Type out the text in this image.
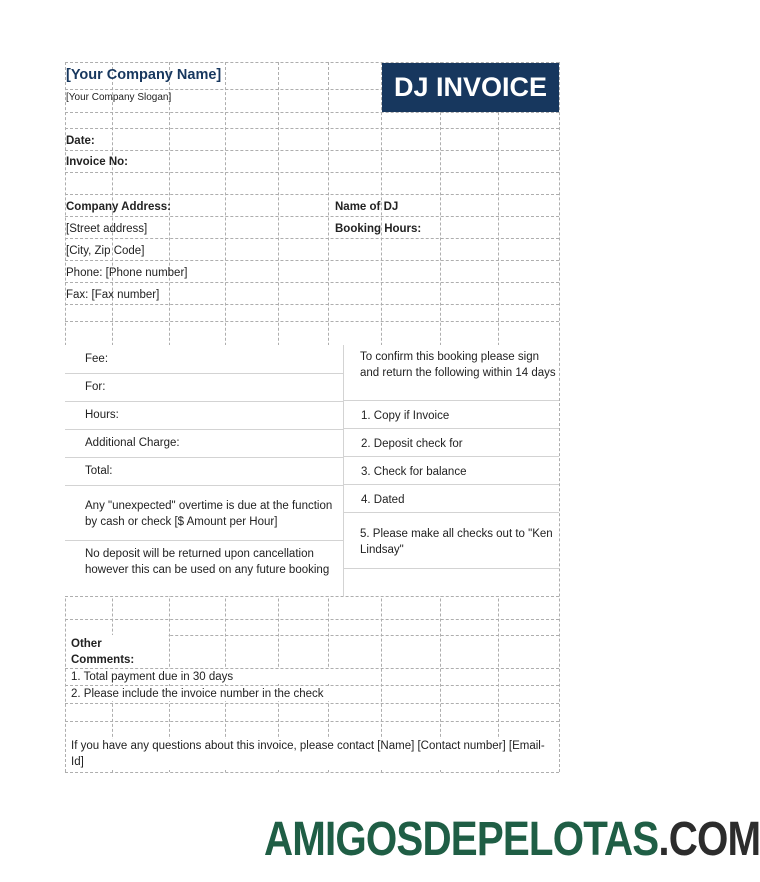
[Your Company Name]
[Your Company Slogan]	DJ INVOICE
Date:
Invoice No:
Company Address:
[Street address]
[City, Zip Code]
Phone: [Phone number]
Fax: [Fax number]
Name of DJ
Booking Hours:
Fee:
For:
Hours:
Additional Charge:
Total:
Any "unexpected" overtime is due at the function by cash or check [$ Amount per Hour]
No deposit will be returned upon cancellation however this can be used on any future booking
To confirm this booking please sign and return the following within 14 days
1. Copy if Invoice
2. Deposit check for
3. Check for balance
4. Dated
5. Please make all checks out to "Ken Lindsay"
Other Comments:
1. Total payment due in 30 days
2. Please include the invoice number in the check
If you have any questions about this invoice, please contact [Name] [Contact number] [Email-Id]
AMIGOSDEPELOTAS.COM
